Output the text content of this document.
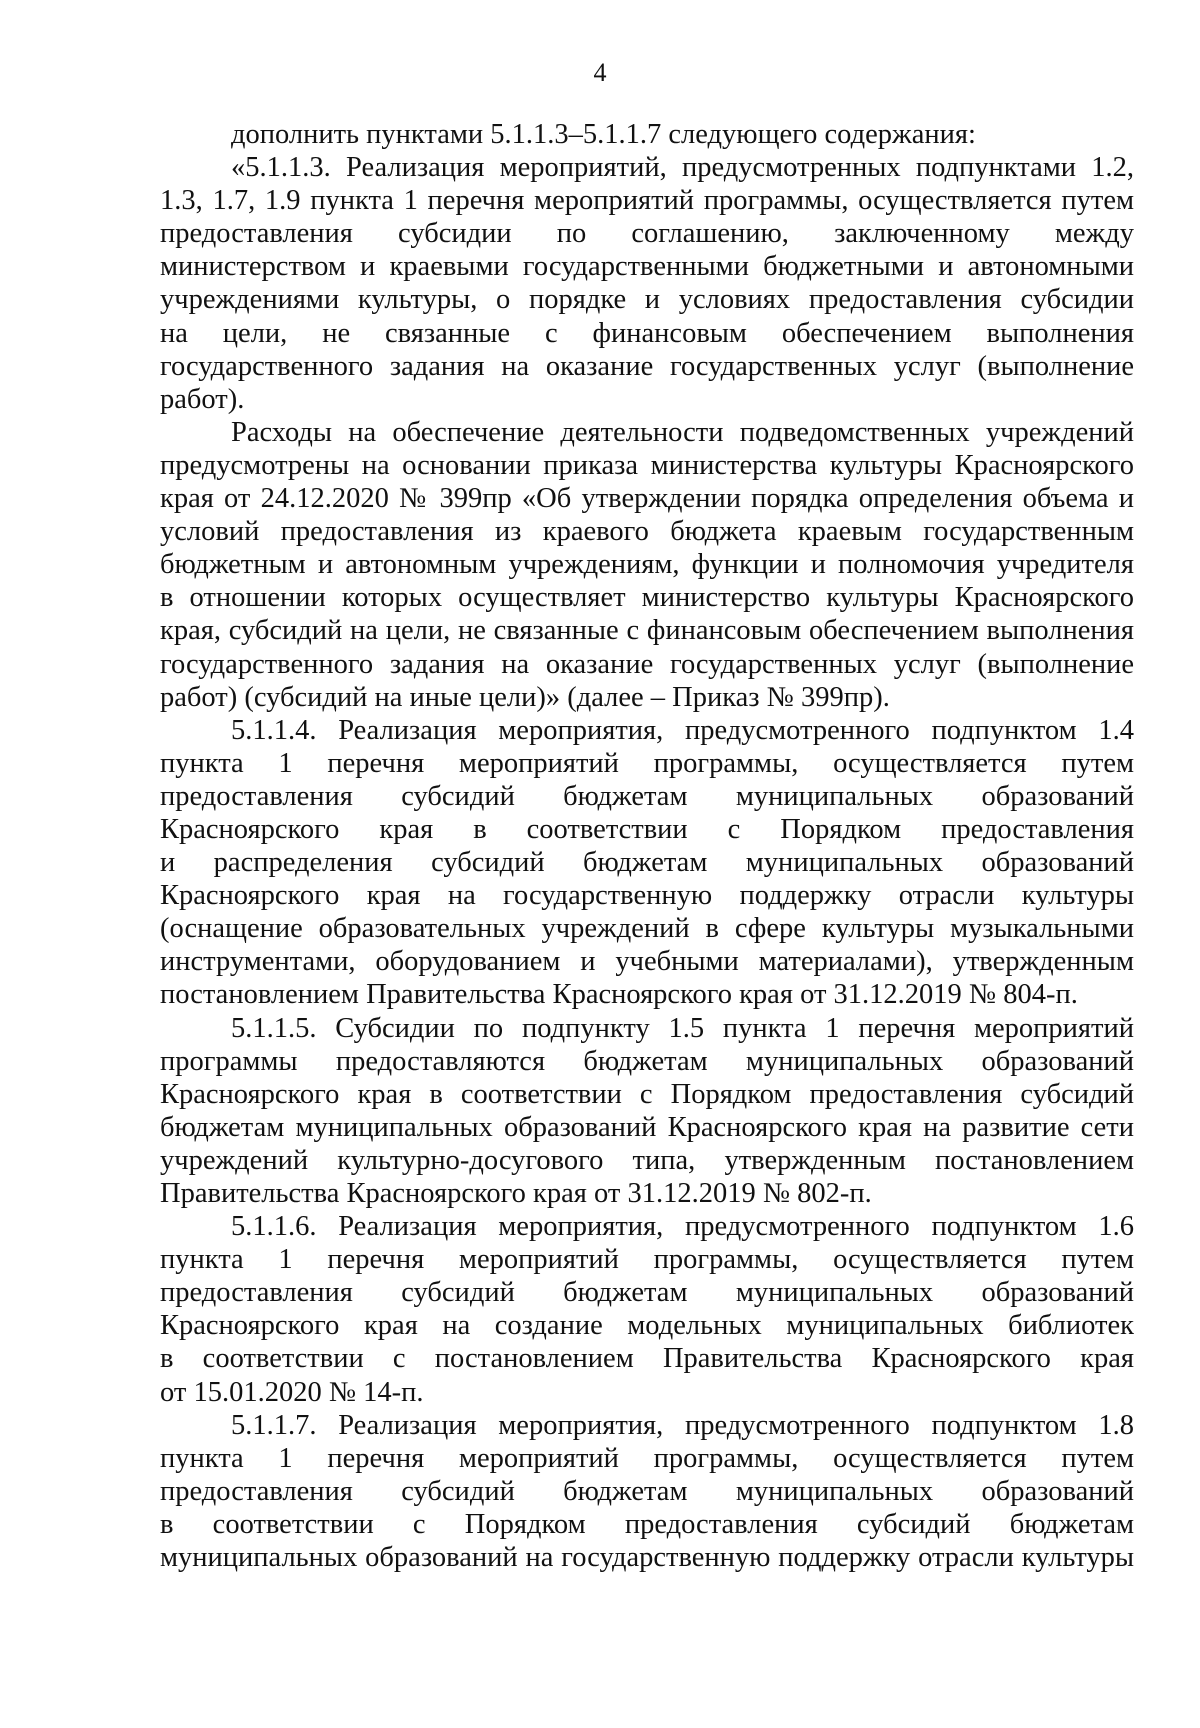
4
дополнить пунктами 5.1.1.3–5.1.1.7 следующего содержания:
«5.1.1.3. Реализация мероприятий, предусмотренных подпунктами 1.2,
1.3, 1.7, 1.9 пункта 1 перечня мероприятий программы, осуществляется путем
предоставления субсидии по соглашению, заключенному между
министерством и краевыми государственными бюджетными и автономными
учреждениями культуры, о порядке и условиях предоставления субсидии
на цели, не связанные с финансовым обеспечением выполнения
государственного задания на оказание государственных услуг (выполнение
работ).
Расходы на обеспечение деятельности подведомственных учреждений
предусмотрены на основании приказа министерства культуры Красноярского
края от 24.12.2020 № 399пр «Об утверждении порядка определения объема и
условий предоставления из краевого бюджета краевым государственным
бюджетным и автономным учреждениям, функции и полномочия учредителя
в отношении которых осуществляет министерство культуры Красноярского
края, субсидий на цели, не связанные с финансовым обеспечением выполнения
государственного задания на оказание государственных услуг (выполнение
работ) (субсидий на иные цели)» (далее – Приказ № 399пр).
5.1.1.4. Реализация мероприятия, предусмотренного подпунктом 1.4
пункта 1 перечня мероприятий программы, осуществляется путем
предоставления субсидий бюджетам муниципальных образований
Красноярского края в соответствии с Порядком предоставления
и распределения субсидий бюджетам муниципальных образований
Красноярского края на государственную поддержку отрасли культуры
(оснащение образовательных учреждений в сфере культуры музыкальными
инструментами, оборудованием и учебными материалами), утвержденным
постановлением Правительства Красноярского края от 31.12.2019 № 804-п.
5.1.1.5. Субсидии по подпункту 1.5 пункта 1 перечня мероприятий
программы предоставляются бюджетам муниципальных образований
Красноярского края в соответствии с Порядком предоставления субсидий
бюджетам муниципальных образований Красноярского края на развитие сети
учреждений культурно-досугового типа, утвержденным постановлением
Правительства Красноярского края от 31.12.2019 № 802-п.
5.1.1.6. Реализация мероприятия, предусмотренного подпунктом 1.6
пункта 1 перечня мероприятий программы, осуществляется путем
предоставления субсидий бюджетам муниципальных образований
Красноярского края на создание модельных муниципальных библиотек
в соответствии с постановлением Правительства Красноярского края
от 15.01.2020 № 14-п.
5.1.1.7. Реализация мероприятия, предусмотренного подпунктом 1.8
пункта 1 перечня мероприятий программы, осуществляется путем
предоставления субсидий бюджетам муниципальных образований
в соответствии с Порядком предоставления субсидий бюджетам
муниципальных образований на государственную поддержку отрасли культуры
